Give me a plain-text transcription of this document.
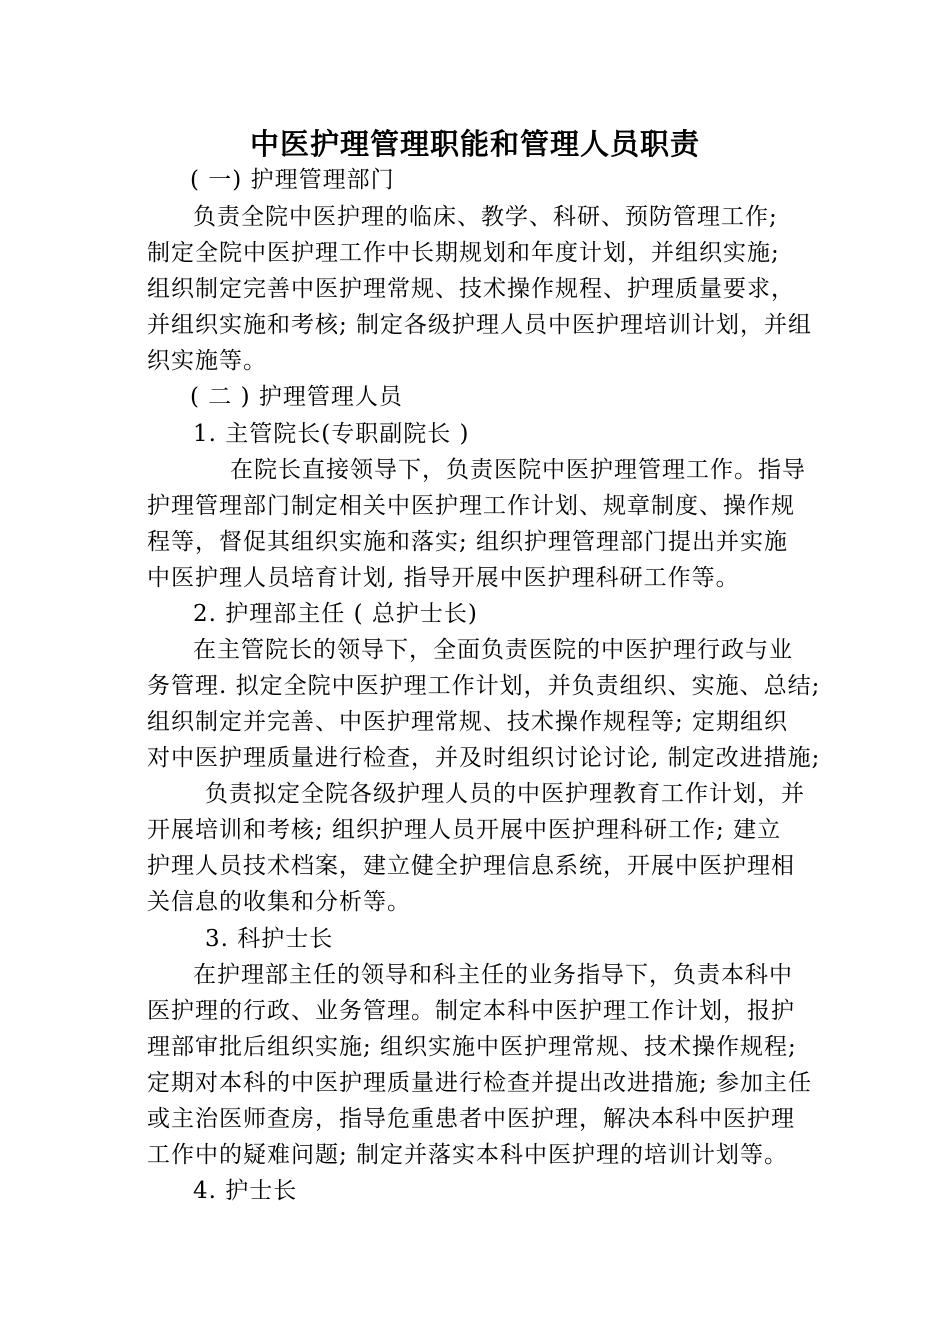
中医护理管理职能和管理人员职责
( 一) 护理管理部门
负责全院中医护理的临床、教学、科研、预防管理工作;
制定全院中医护理工作中长期规划和年度计划，并组织实施;
组织制定完善中医护理常规、技术操作规程、护理质量要求，
并组织实施和考核; 制定各级护理人员中医护理培训计划，并组
织实施等。
( 二 ) 护理管理人员
1. 主管院长(专职副院长 )
在院长直接领导下，负责医院中医护理管理工作。指导
护理管理部门制定相关中医护理工作计划、规章制度、操作规
程等，督促其组织实施和落实; 组织护理管理部门提出并实施
中医护理人员培育计划, 指导开展中医护理科研工作等。
2. 护理部主任 ( 总护士长)
在主管院长的领导下，全面负责医院的中医护理行政与业
务管理. 拟定全院中医护理工作计划，并负责组织、实施、总结;
组织制定并完善、中医护理常规、技术操作规程等; 定期组织
对中医护理质量进行检查，并及时组织讨论讨论, 制定改进措施;
负责拟定全院各级护理人员的中医护理教育工作计划，并
开展培训和考核; 组织护理人员开展中医护理科研工作; 建立
护理人员技术档案，建立健全护理信息系统，开展中医护理相
关信息的收集和分析等。
3. 科护士长
在护理部主任的领导和科主任的业务指导下，负责本科中
医护理的行政、业务管理。制定本科中医护理工作计划，报护
理部审批后组织实施; 组织实施中医护理常规、技术操作规程;
定期对本科的中医护理质量进行检查并提出改进措施; 参加主任
或主治医师查房，指导危重患者中医护理，解决本科中医护理
工作中的疑难问题; 制定并落实本科中医护理的培训计划等。
4. 护士长
